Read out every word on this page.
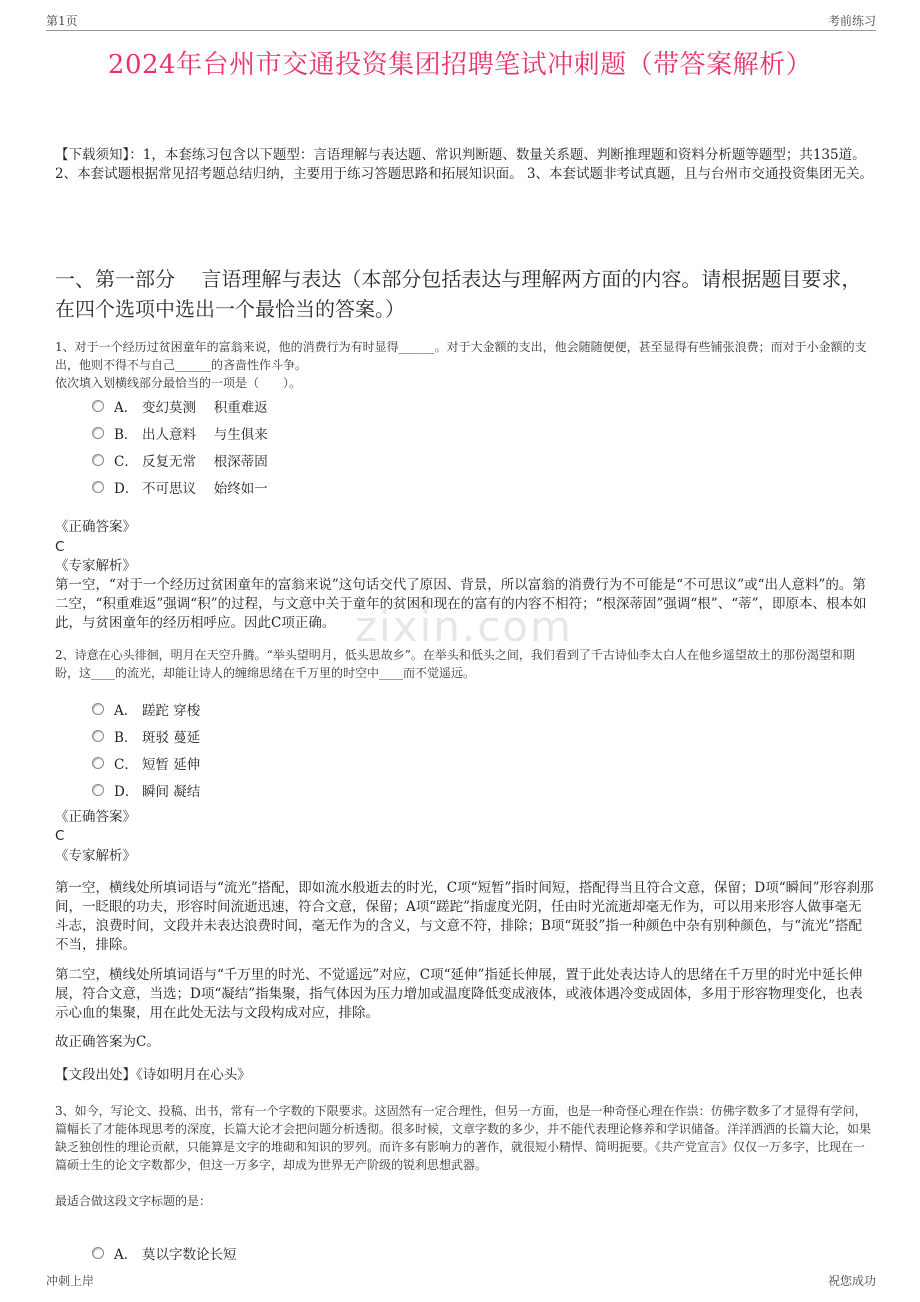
第1页	考前练习
2024年台州市交通投资集团招聘笔试冲刺题（带答案解析）
【下载须知】：1，本套练习包含以下题型：言语理解与表达题、常识判断题、数量关系题、判断推理题和资料分析题等题型；共135道。 2、本套试题根据常见招考题总结归纳，主要用于练习答题思路和拓展知识面。 3、本套试题非考试真题，且与台州市交通投资集团无关。
一、第一部分　 言语理解与表达（本部分包括表达与理解两方面的内容。请根据题目要求，在四个选项中选出一个最恰当的答案。）
1、对于一个经历过贫困童年的富翁来说，他的消费行为有时显得______。对于大金额的支出，他会随随便便，甚至显得有些铺张浪费；而对于小金额的支出，他则不得不与自己______的吝啬性作斗争。
依次填入划横线部分最恰当的一项是（　　）。
A． 变幻莫测　 积重难返
B． 出人意料　 与生俱来
C． 反复无常　 根深蒂固
D． 不可思议　 始终如一
《正确答案》
C
《专家解析》
第一空，“对于一个经历过贫困童年的富翁来说”这句话交代了原因、背景，所以富翁的消费行为不可能是“不可思议”或“出人意料”的。第二空，“积重难返”强调“积”的过程，与文意中关于童年的贫困和现在的富有的内容不相符；“根深蒂固”强调“根”、“蒂”，即原本、根本如此，与贫困童年的经历相呼应。因此C项正确。 zixin.com
2、诗意在心头徘徊，明月在天空升腾。“举头望明月，低头思故乡”。在举头和低头之间，我们看到了千古诗仙李太白人在他乡遥望故土的那份渴望和期盼，这____的流光，却能让诗人的缠绵思绪在千万里的时空中____而不觉遥远。
A． 蹉跎 穿梭
B． 斑驳 蔓延
C． 短暂 延伸
D． 瞬间 凝结
《正确答案》
C
《专家解析》
第一空，横线处所填词语与“流光”搭配，即如流水般逝去的时光，C项“短暂”指时间短，搭配得当且符合文意，保留；D项“瞬间”形容刹那间，一眨眼的功夫，形容时间流逝迅速，符合文意，保留；A项“蹉跎”指虚度光阴，任由时光流逝却毫无作为，可以用来形容人做事毫无斗志，浪费时间，文段并未表达浪费时间，毫无作为的含义，与文意不符，排除；B项“斑驳”指一种颜色中杂有别种颜色，与“流光”搭配不当，排除。
第二空，横线处所填词语与“千万里的时光、不觉遥远”对应，C项“延伸”指延长伸展，置于此处表达诗人的思绪在千万里的时光中延长伸展，符合文意，当选；D项“凝结”指集聚，指气体因为压力增加或温度降低变成液体，或液体遇冷变成固体，多用于形容物理变化，也表示心血的集聚，用在此处无法与文段构成对应，排除。
故正确答案为C。
【文段出处】《诗如明月在心头》
3、如今，写论文、投稿、出书，常有一个字数的下限要求。这固然有一定合理性，但另一方面，也是一种奇怪心理在作祟：仿佛字数多了才显得有学问，篇幅长了才能体现思考的深度，长篇大论才会把问题分析透彻。很多时候，文章字数的多少，并不能代表理论修养和学识储备。洋洋洒洒的长篇大论，如果缺乏独创性的理论贡献，只能算是文字的堆砌和知识的罗列。而许多有影响力的著作，就很短小精悍、简明扼要。《共产党宣言》仅仅一万多字，比现在一篇硕士生的论文字数都少，但这一万多字，却成为世界无产阶级的锐利思想武器。
最适合做这段文字标题的是：
A． 莫以字数论长短
冲刺上岸	祝您成功
